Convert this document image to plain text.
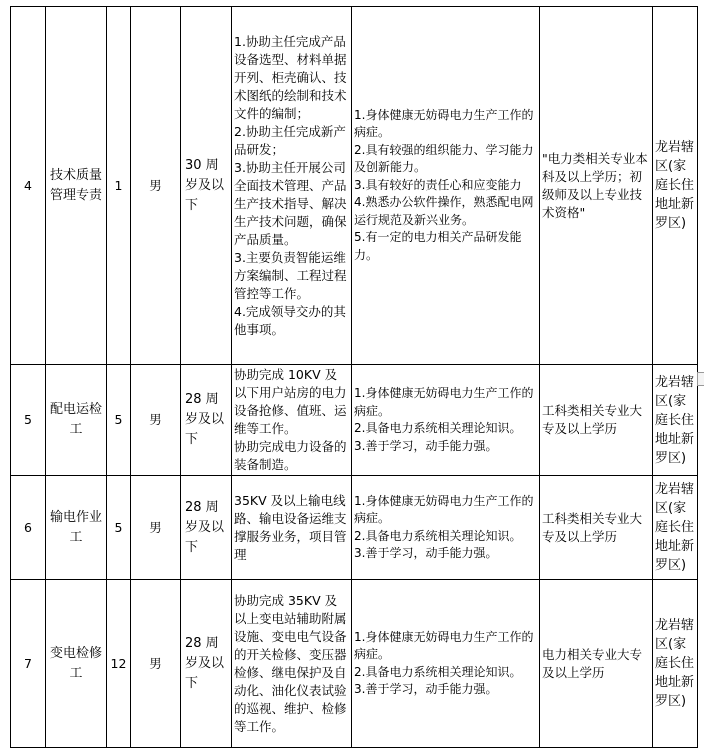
4	技术质量管理专责	1	男	30 周岁及以下	1.协助主任完成产品设备选型、材料单据开列、柜壳确认、技术图纸的绘制和技术文件的编制；
2.协助主任完成新产品研发；
3.协助主任开展公司全面技术管理、产品生产技术指导、解决生产技术问题，确保产品质量。
3.主要负责智能运维方案编制、工程过程管控等工作。
4.完成领导交办的其他事项。	1.身体健康无妨碍电力生产工作的病症。
2.具有较强的组织能力、学习能力及创新能力。
3.具有较好的责任心和应变能力
4.熟悉办公软件操作，熟悉配电网运行规范及新兴业务。
5.有一定的电力相关产品研发能力。	"电力类相关专业本科及以上学历；初级师及以上专业技术资格"	龙岩辖区(家庭长住地址新罗区)
5	配电运检工	5	男	28 周岁及以下	协助完成 10KV 及以下用户站房的电力设备抢修、值班、运维等工作。
协助完成电力设备的装备制造。	1.身体健康无妨碍电力生产工作的病症。
2.具备电力系统相关理论知识。
3.善于学习，动手能力强。	工科类相关专业大专及以上学历	龙岩辖区(家庭长住地址新罗区)
6	输电作业工	5	男	28 周岁及以下	35KV 及以上输电线路、输电设备运维支撑服务业务，项目管理	1.身体健康无妨碍电力生产工作的病症。
2.具备电力系统相关理论知识。
3.善于学习，动手能力强。	工科类相关专业大专及以上学历	龙岩辖区(家庭长住地址新罗区)
7	变电检修工	12	男	28 周岁及以下	协助完成 35KV 及以上变电站辅助附属设施、变电电气设备的开关检修、变压器检修、继电保护及自动化、油化仪表试验的巡视、维护、检修等工作。	1.身体健康无妨碍电力生产工作的病症。
2.具备电力系统相关理论知识。
3.善于学习，动手能力强。	电力相关专业大专及以上学历	龙岩辖区(家庭长住地址新罗区)
